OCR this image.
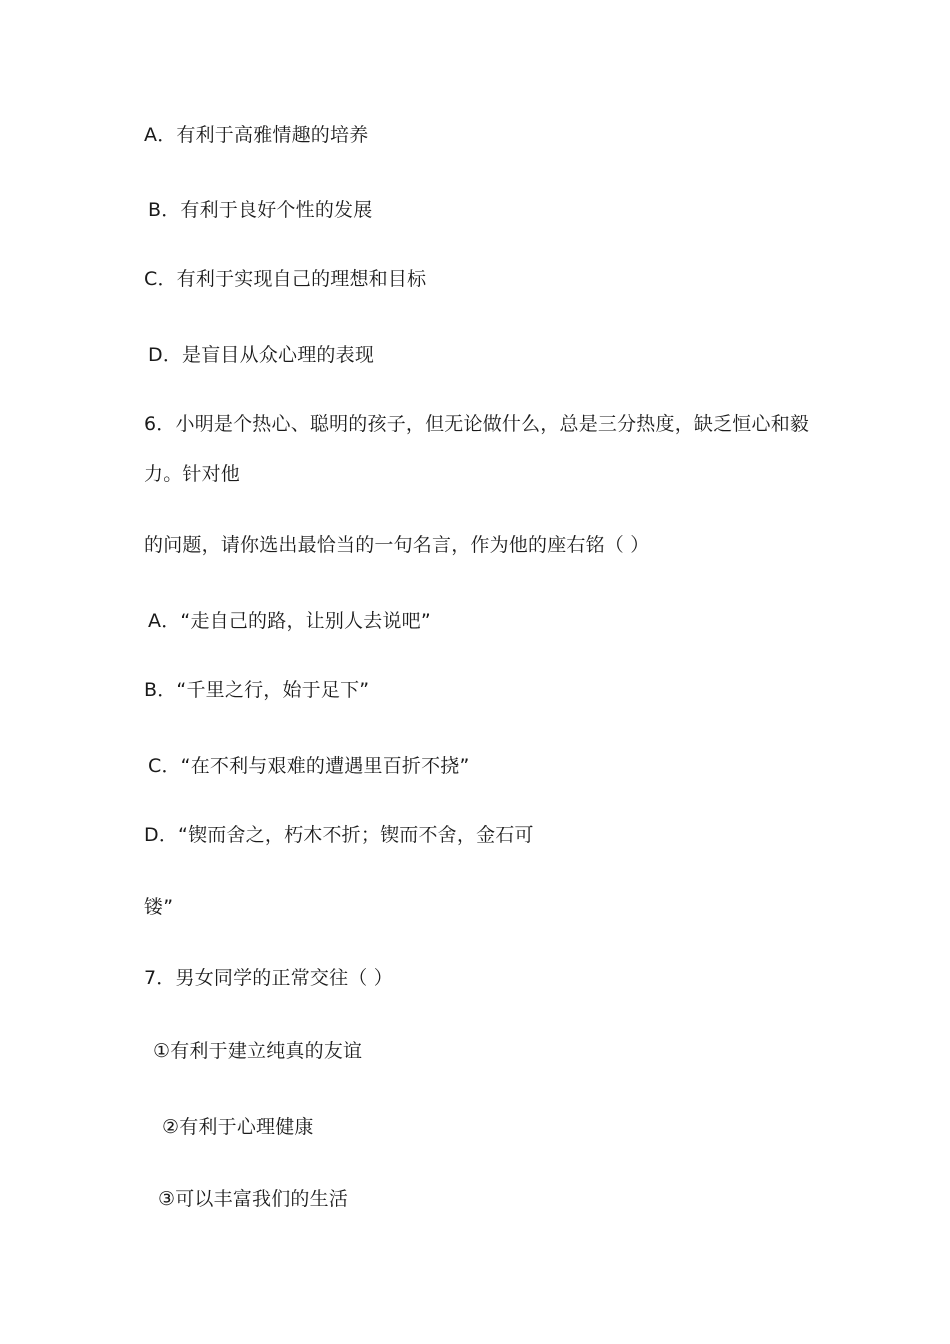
A．有利于高雅情趣的培养
B．有利于良好个性的发展
C．有利于实现自己的理想和目标
D．是盲目从众心理的表现
6．小明是个热心、聪明的孩子，但无论做什么，总是三分热度，缺乏恒心和毅
力。针对他
的问题，请你选出最恰当的一句名言，作为他的座右铭（ ）
A．“走自己的路，让别人去说吧”
B．“千里之行，始于足下”
C．“在不利与艰难的遭遇里百折不挠”
D．“锲而舍之，朽木不折；锲而不舍，金石可
镂”
7．男女同学的正常交往（ ）
①有利于建立纯真的友谊
②有利于心理健康
③可以丰富我们的生活
